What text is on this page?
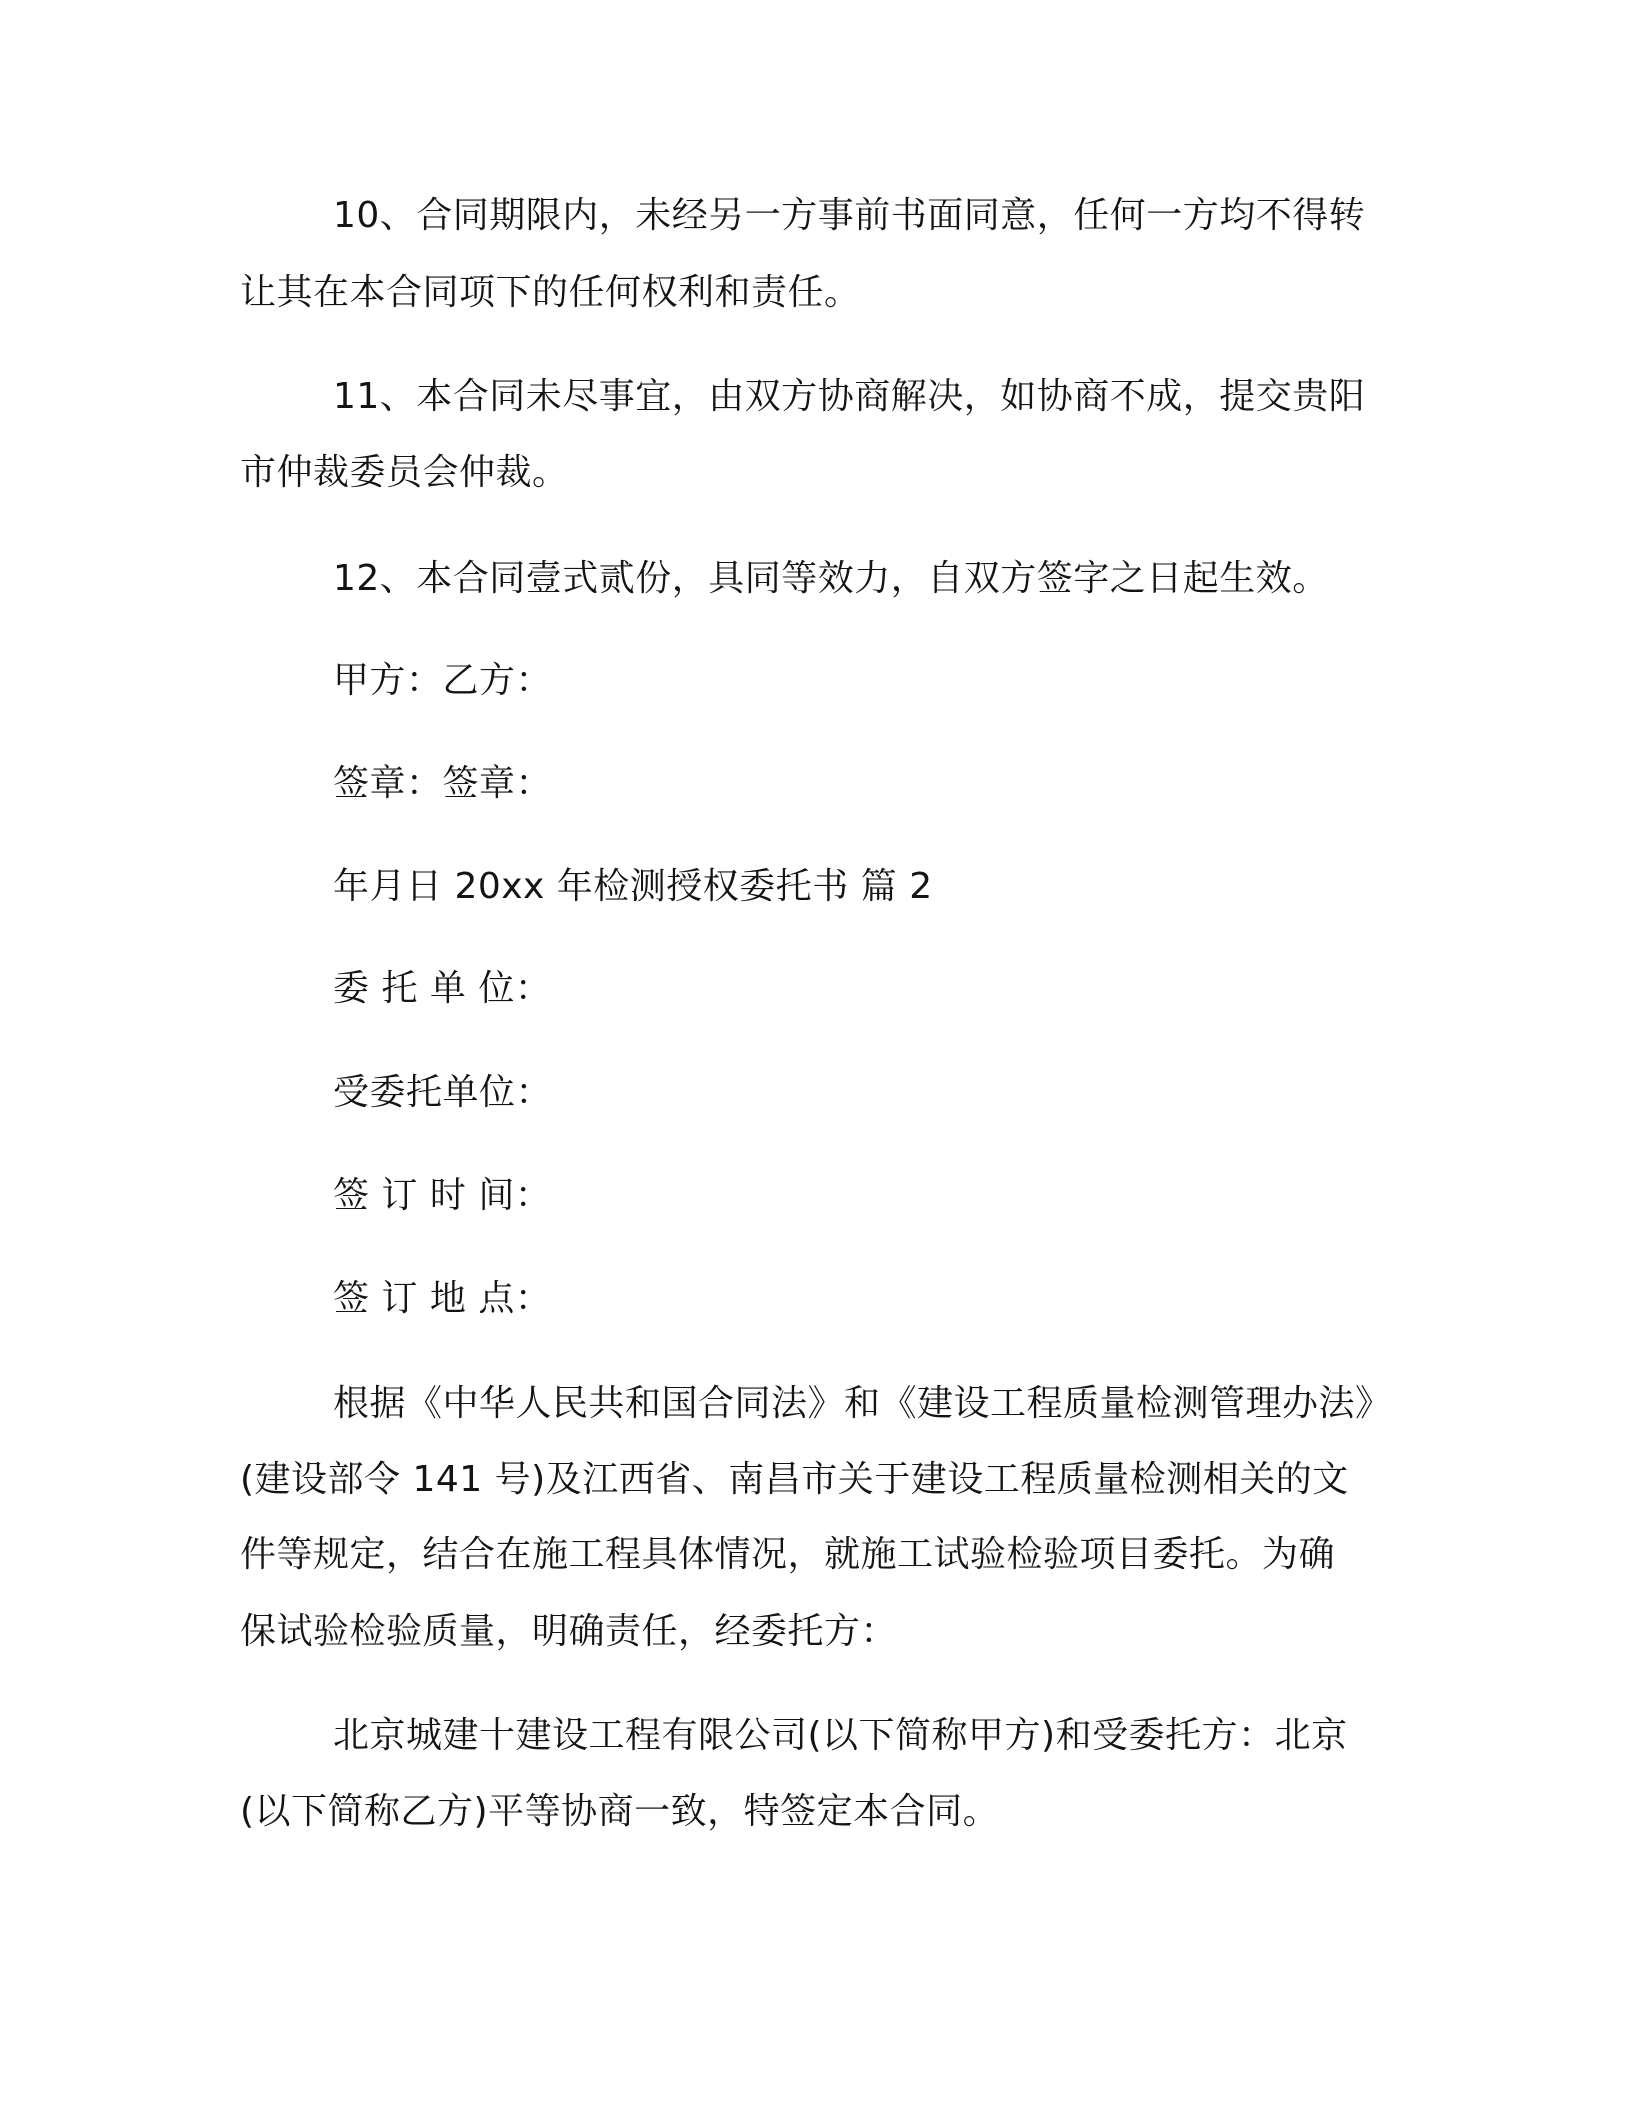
10、合同期限内，未经另一方事前书面同意，任何一方均不得转
让其在本合同项下的任何权利和责任。
11、本合同未尽事宜，由双方协商解决，如协商不成，提交贵阳
市仲裁委员会仲裁。
12、本合同壹式贰份，具同等效力，自双方签字之日起生效。
甲方：乙方：
签章：签章：
年月日 20xx 年检测授权委托书 篇 2
委 托 单 位：
受委托单位：
签 订 时 间：
签 订 地 点：
根据《中华人民共和国合同法》和《建设工程质量检测管理办法》
(建设部令 141 号)及江西省、南昌市关于建设工程质量检测相关的文
件等规定，结合在施工程具体情况，就施工试验检验项目委托。为确
保试验检验质量，明确责任，经委托方：
北京城建十建设工程有限公司(以下简称甲方)和受委托方：北京
(以下简称乙方)平等协商一致，特签定本合同。
